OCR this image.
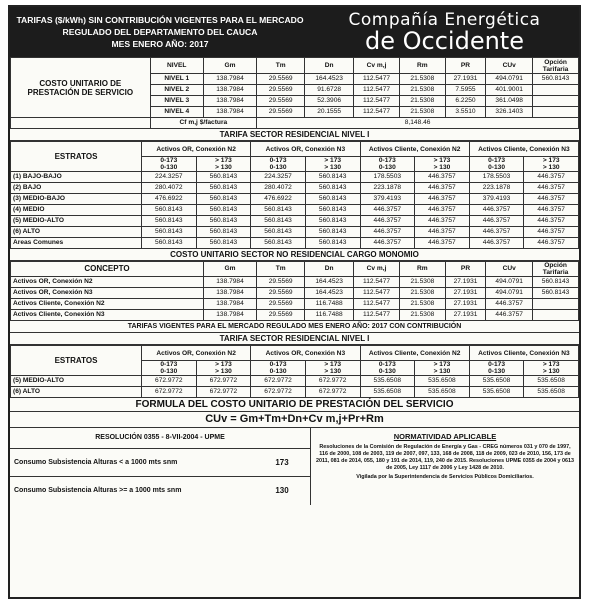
TARIFAS ($/kWh) SIN CONTRIBUCIÓN VIGENTES PARA EL MERCADO
REGULADO DEL DEPARTAMENTO DEL CAUCA
MES ENERO AÑO: 2017
Compañía Energética
de Occidente
COSTO UNITARIO DE PRESTACIÓN DE SERVICIO	NIVEL	Gm	Tm	Dn	Cv m,j	Rm	PR	CUv	Opción Tarifaria
	NIVEL 1	138.7984	29.5569	164.4523	112.5477	21.5308	27.1931	494.0791	560.8143
	NIVEL 2	138.7984	29.5569	91.6728	112.5477	21.5308	7.5955	401.9001	
	NIVEL 3	138.7984	29.5569	52.3906	112.5477	21.5308	6.2250	361.0498	
	NIVEL 4	138.7984	29.5569	20.1555	112.5477	21.5308	3.5510	326.1403	
	Cf m,j $/factura		8,148.46						
TARIFA SECTOR RESIDENCIAL NIVEL I
ESTRATOS	Activos OR, Conexión N2		Activos OR, Conexión N3		Activos Cliente, Conexión N2		Activos Cliente, Conexión N3	
	0-173
0-130	> 173
> 130	0-173
0-130	> 173
> 130	0-173
0-130	> 173
> 130	0-173
0-130	> 173
> 130
(1) BAJO-BAJO	224.3257	560.8143	224.3257	560.8143	178.5503	446.3757	178.5503	446.3757
(2) BAJO	280.4072	560.8143	280.4072	560.8143	223.1878	446.3757	223.1878	446.3757
(3) MEDIO-BAJO	476.6922	560.8143	476.6922	560.8143	379.4193	446.3757	379.4193	446.3757
(4) MEDIO	560.8143	560.8143	560.8143	560.8143	446.3757	446.3757	446.3757	446.3757
(5) MEDIO-ALTO	560.8143	560.8143	560.8143	560.8143	446.3757	446.3757	446.3757	446.3757
(6) ALTO	560.8143	560.8143	560.8143	560.8143	446.3757	446.3757	446.3757	446.3757
Areas Comunes	560.8143	560.8143	560.8143	560.8143	446.3757	446.3757	446.3757	446.3757
COSTO UNITARIO SECTOR NO RESIDENCIAL CARGO MONOMIO
CONCEPTO	Gm	Tm	Dn	Cv m,j	Rm	PR	CUv	Opción Tarifaria
Activos OR, Conexión N2	138.7984	29.5569	164.4523	112.5477	21.5308	27.1931	494.0791	560.8143
Activos OR, Conexión N3	138.7984	29.5569	164.4523	112.5477	21.5308	27.1931	494.0791	560.8143
Activos Cliente, Conexión N2	138.7984	29.5569	116.7488	112.5477	21.5308	27.1931	446.3757	
Activos Cliente, Conexión N3	138.7984	29.5569	116.7488	112.5477	21.5308	27.1931	446.3757	
TARIFAS VIGENTES PARA EL MERCADO REGULADO MES ENERO AÑO: 2017 CON CONTRIBUCIÓN
TARIFA SECTOR RESIDENCIAL NIVEL I
ESTRATOS	Activos OR, Conexión N2		Activos OR, Conexión N3		Activos Cliente, Conexión N2		Activos Cliente, Conexión N3	
	0-173
0-130	> 173
> 130	0-173
0-130	> 173
> 130	0-173
0-130	> 173
> 130	0-173
0-130	> 173
> 130
(5) MEDIO-ALTO	672.9772	672.9772	672.9772	672.9772	535.6508	535.6508	535.6508	535.6508
(6) ALTO	672.9772	672.9772	672.9772	672.9772	535.6508	535.6508	535.6508	535.6508
FORMULA DEL COSTO UNITARIO DE PRESTACIÓN DEL SERVICIO
CUv = Gm+Tm+Dn+Cv m,j+Pr+Rm
RESOLUCIÓN 0355 - 8-VII-2004 - UPME
Consumo Subsistencia Alturas < a 1000 mts snm	173
Consumo Subsistencia Alturas >= a 1000 mts snm	130
NORMATIVIDAD APLICABLE
Resoluciones de la Comisión de Regulación de Energía y Gas - CREG números 031 y 070 de 1997, 116 de 2000, 108 de 2003, 119 de 2007, 097, 133, 168 de 2008, 118 de 2009, 023 de 2010, 156, 173 de 2011, 081 de 2014, 055, 180 y 191 de 2014, 119, 240 de 2015. Resoluciones UPME 0355 de 2004 y 0613 de 2005, Ley 1117 de 2006 y Ley 1428 de 2010.
Vigilada por la Superintendencia de Servicios Públicos Domiciliarios.
